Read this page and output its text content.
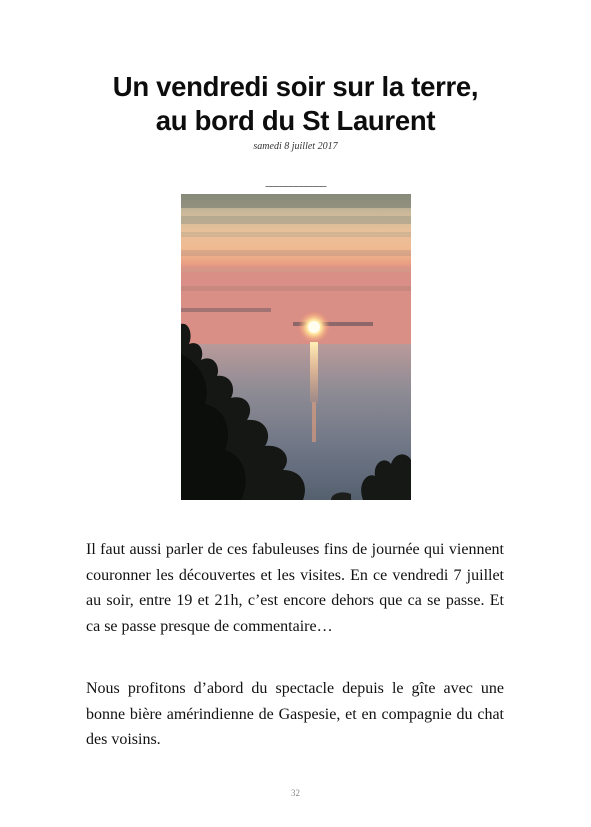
Un vendredi soir sur la terre,
au bord du St Laurent
samedi 8 juillet 2017
____________
Il faut aussi parler de ces fabuleuses fins de journée qui viennent couronner les découvertes et les visites. En ce vendredi 7 juillet au soir, entre 19 et 21h, c’est encore dehors que ca se passe. Et ca se passe presque de commentaire…
Nous profitons d’abord du spectacle depuis le gîte avec une bonne bière amérindienne de Gaspesie, et en compagnie du chat des voisins.
32
